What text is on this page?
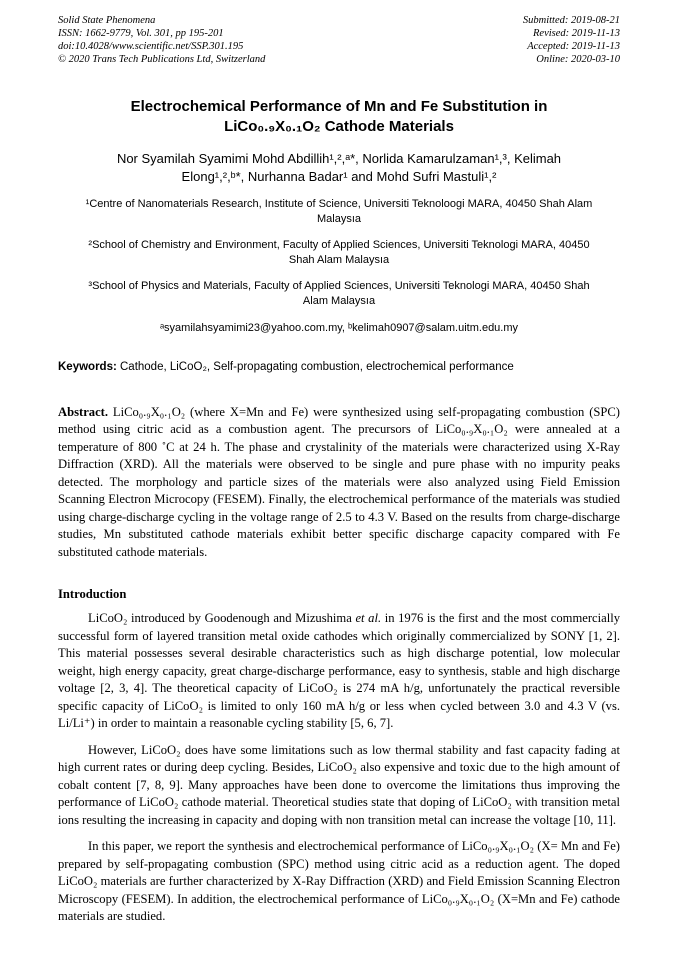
Solid State Phenomena
ISSN: 1662-9779, Vol. 301, pp 195-201
doi:10.4028/www.scientific.net/SSP.301.195
© 2020 Trans Tech Publications Ltd, Switzerland
Submitted: 2019-08-21
Revised: 2019-11-13
Accepted: 2019-11-13
Online: 2020-03-10
Electrochemical Performance of Mn and Fe Substitution in LiCo₀.₉X₀.₁O₂ Cathode Materials

Nor Syamilah Syamimi Mohd Abdillih¹,²,ᵃ*, Norlida Kamarulzaman¹,³, Kelimah Elong¹,²,ᵇ*, Nurhanna Badar¹ and Mohd Sufri Mastuli¹,²

¹Centre of Nanomaterials Research, Institute of Science, Universiti Teknoloogi MARA, 40450 Shah Alam Malaysıa

²School of Chemistry and Environment, Faculty of Applied Sciences, Universiti Teknologi MARA, 40450 Shah Alam Malaysıa

³School of Physics and Materials, Faculty of Applied Sciences, Universiti Teknologi MARA, 40450 Shah Alam Malaysıa

ᵃsyamilahsyamimi23@yahoo.com.my, ᵇkelimah0907@salam.uitm.edu.my

Keywords: Cathode, LiCoO₂, Self-propagating combustion, electrochemical performance

Abstract. LiCo₀.₉X₀.₁O₂ (where X=Mn and Fe) were synthesized using self-propagating combustion (SPC) method using citric acid as a combustion agent. The precursors of LiCo₀.₉X₀.₁O₂ were annealed at a temperature of 800 ˚C at 24 h. The phase and crystalinity of the materials were characterized using X-Ray Diffraction (XRD). All the materials were observed to be single and pure phase with no impurity peaks detected. The morphology and particle sizes of the materials were also analyzed using Field Emission Scanning Electron Microcopy (FESEM). Finally, the electrochemical performance of the materials was studied using charge-discharge cycling in the voltage range of 2.5 to 4.3 V. Based on the results from charge-discharge studies, Mn substituted cathode materials exhibit better specific discharge capacity compared with Fe substituted cathode materials.

Introduction

LiCoO₂ introduced by Goodenough and Mizushima et al. in 1976 is the first and the most commercially successful form of layered transition metal oxide cathodes which originally commercialized by SONY [1, 2]. This material possesses several desirable characteristics such as high discharge potential, low molecular weight, high energy capacity, great charge-discharge performance, easy to synthesis, stable and high discharge voltage [2, 3, 4]. The theoretical capacity of LiCoO₂ is 274 mA h/g, unfortunately the practical reversible specific capacity of LiCoO₂ is limited to only 160 mA h/g or less when cycled between 3.0 and 4.3 V (vs. Li/Li⁺) in order to maintain a reasonable cycling stability [5, 6, 7].

However, LiCoO₂ does have some limitations such as low thermal stability and fast capacity fading at high current rates or during deep cycling. Besides, LiCoO₂ also expensive and toxic due to the high amount of cobalt content [7, 8, 9]. Many approaches have been done to overcome the limitations thus improving the performance of LiCoO₂ cathode material. Theoretical studies state that doping of LiCoO₂ with transition metal ions resulting the increasing in capacity and doping with non transition metal can increase the voltage [10, 11].

In this paper, we report the synthesis and electrochemical performance of LiCo₀.₉X₀.₁O₂ (X= Mn and Fe) prepared by self-propagating combustion (SPC) method using citric acid as a reduction agent. The doped LiCoO₂ materials are further characterized by X-Ray Diffraction (XRD) and Field Emission Scanning Electron Microscopy (FESEM). In addition, the electrochemical performance of LiCo₀.₉X₀.₁O₂ (X=Mn and Fe) cathode materials are studied.
